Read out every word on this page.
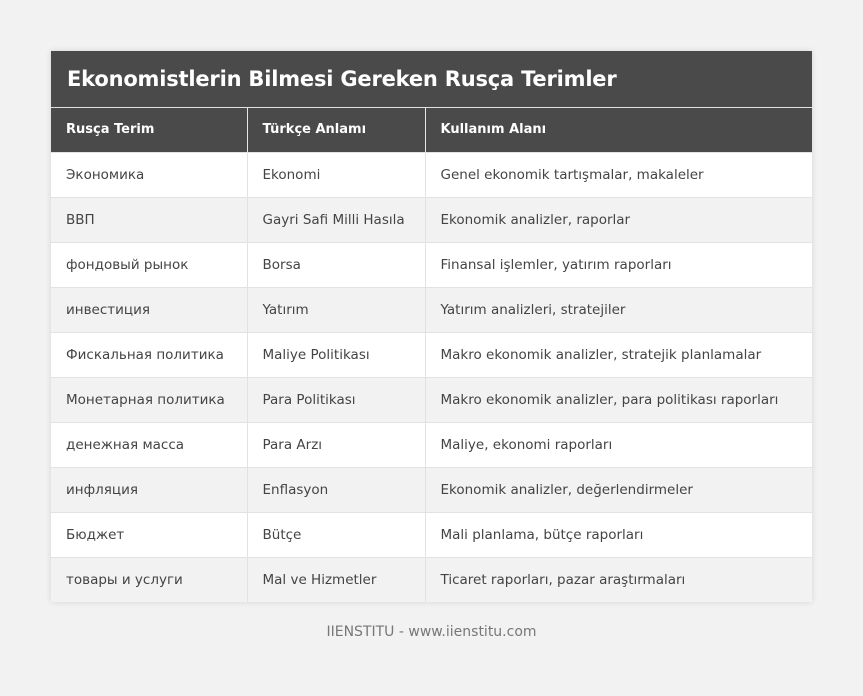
Ekonomistlerin Bilmesi Gereken Rusça Terimler
Rusça Terim	Türkçe Anlamı	Kullanım Alanı
Экономика	Ekonomi	Genel ekonomik tartışmalar, makaleler
ВВП	Gayri Safi Milli Hasıla	Ekonomik analizler, raporlar
фондовый рынок	Borsa	Finansal işlemler, yatırım raporları
инвестиция	Yatırım	Yatırım analizleri, stratejiler
Фискальная политика	Maliye Politikası	Makro ekonomik analizler, stratejik planlamalar
Монетарная политика	Para Politikası	Makro ekonomik analizler, para politikası raporları
денежная масса	Para Arzı	Maliye, ekonomi raporları
инфляция	Enflasyon	Ekonomik analizler, değerlendirmeler
Бюджет	Bütçe	Mali planlama, bütçe raporları
товары и услуги	Mal ve Hizmetler	Ticaret raporları, pazar araştırmaları
IIENSTITU - www.iienstitu.com
